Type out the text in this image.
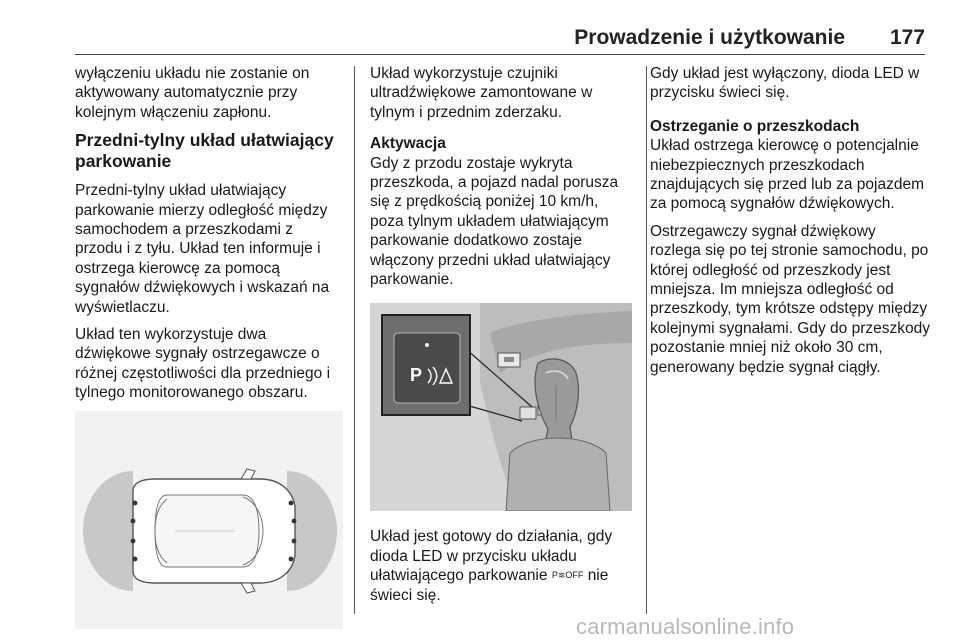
Prowadzenie i użytkowanie 177

wyłączeniu układu nie zostanie on aktywowany automatycznie przy kolejnym włączeniu zapłonu.

Przedni-tylny układ ułatwiający parkowanie

Przedni-tylny układ ułatwiający parkowanie mierzy odległość między samochodem a przeszkodami z przodu i z tyłu. Układ ten informuje i ostrzega kierowcę za pomocą sygnałów dźwiękowych i wskazań na wyświetlaczu.

Układ ten wykorzystuje dwa dźwiękowe sygnały ostrzegawcze o różnej częstotliwości dla przedniego i tylnego monitorowanego obszaru.

Układ wykorzystuje czujniki ultradźwiękowe zamontowane w tylnym i przednim zderzaku.

Aktywacja

Gdy z przodu zostaje wykryta przeszkoda, a pojazd nadal porusza się z prędkością poniżej 10 km/h, poza tylnym układem ułatwiającym parkowanie dodatkowo zostaje włączony przedni układ ułatwiający parkowanie.

P

Układ jest gotowy do działania, gdy dioda LED w przycisku układu ułatwiającego parkowanie P≋OFF nie świeci się.

Gdy układ jest wyłączony, dioda LED w przycisku świeci się.

Ostrzeganie o przeszkodach

Układ ostrzega kierowcę o potencjalnie niebezpiecznych przeszkodach znajdujących się przed lub za pojazdem za pomocą sygnałów dźwiękowych.

Ostrzegawczy sygnał dźwiękowy rozlega się po tej stronie samochodu, po której odległość od przeszkody jest mniejsza. Im mniejsza odległość od przeszkody, tym krótsze odstępy między kolejnymi sygnałami. Gdy do przeszkody pozostanie mniej niż około 30 cm, generowany będzie sygnał ciągły.

carmanualsonline.info
